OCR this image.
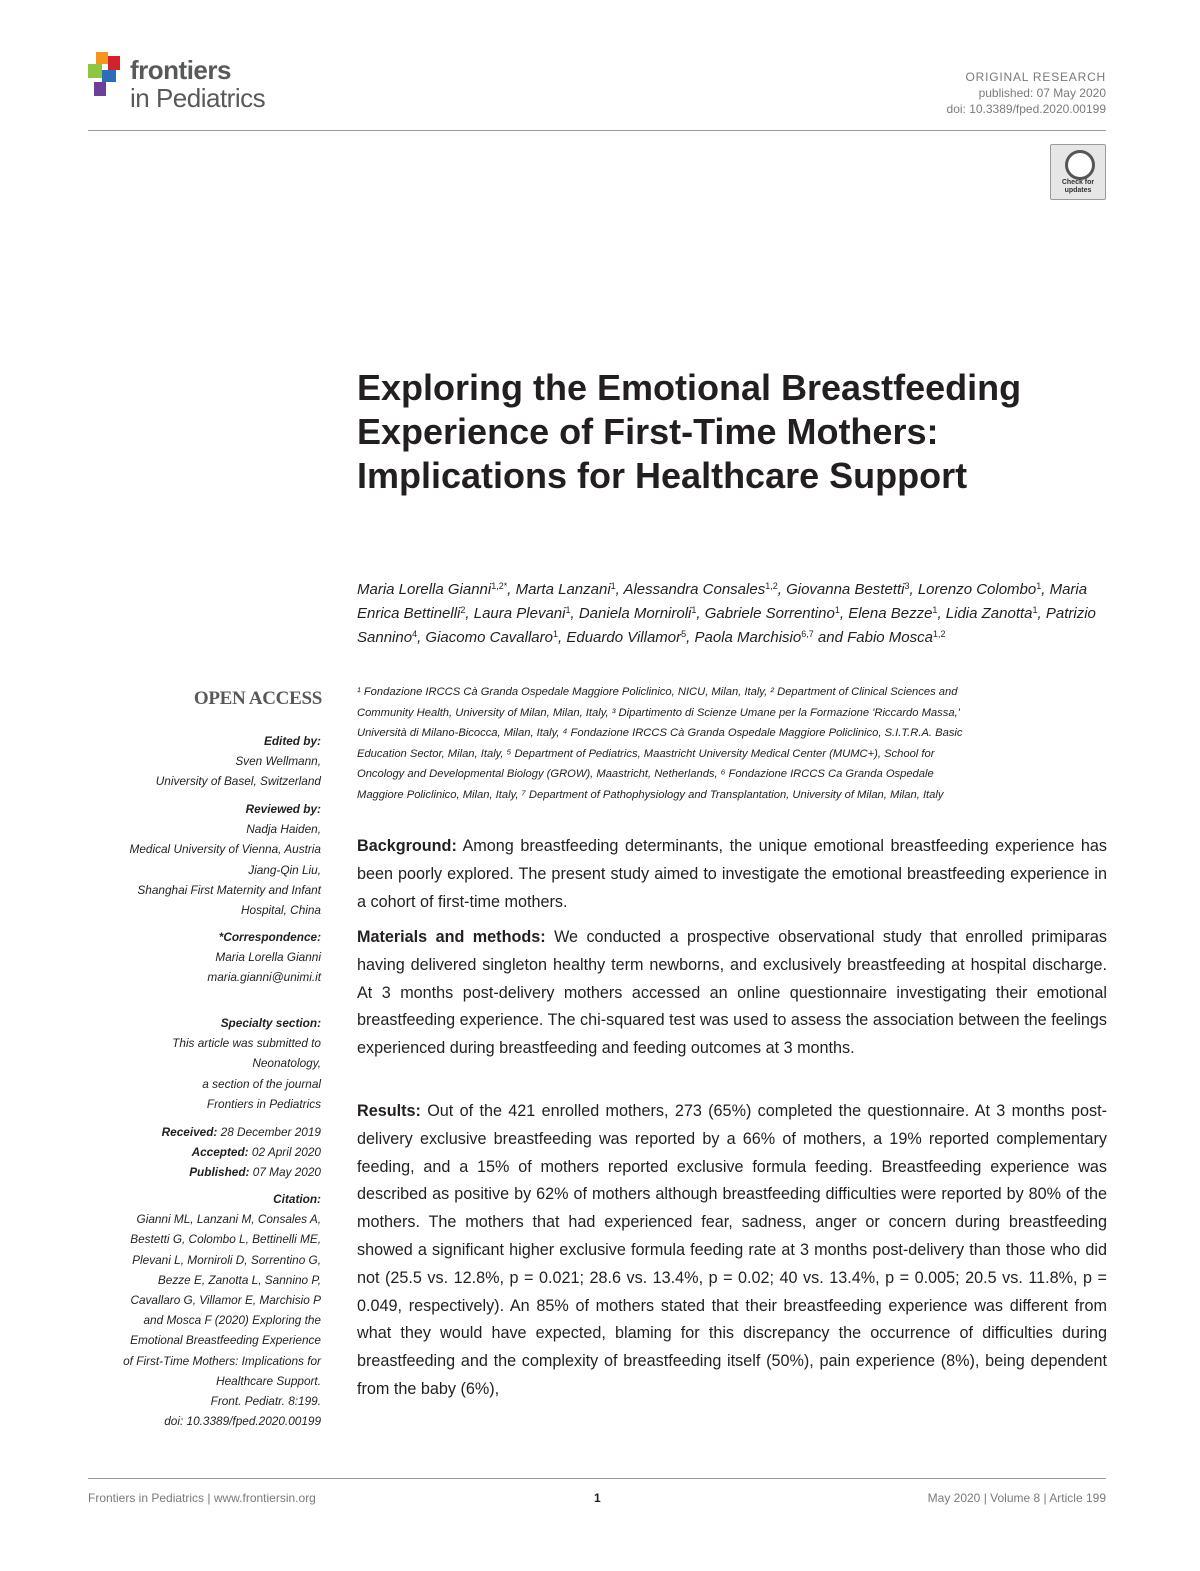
frontiers
in Pediatrics
ORIGINAL RESEARCH
published: 07 May 2020
doi: 10.3389/fped.2020.00199
Check for updates
Exploring the Emotional Breastfeeding Experience of First-Time Mothers: Implications for Healthcare Support
Maria Lorella Gianni$^{1,2*}$, Marta Lanzani$^1$, Alessandra Consales$^{1,2}$, Giovanna Bestetti$^3$, Lorenzo Colombo$^1$, Maria Enrica Bettinelli$^2$, Laura Plevani$^1$, Daniela Morniroli$^1$, Gabriele Sorrentino$^1$, Elena Bezze$^1$, Lidia Zanotta$^1$, Patrizio Sannino$^4$, Giacomo Cavallaro$^1$, Eduardo Villamor$^5$, Paola Marchisio$^{6,7}$ and Fabio Mosca$^{1,2}$
¹ Fondazione IRCCS Cà Granda Ospedale Maggiore Policlinico, NICU, Milan, Italy, ² Department of Clinical Sciences and
Community Health, University of Milan, Milan, Italy, ³ Dipartimento di Scienze Umane per la Formazione 'Riccardo Massa,'
Università di Milano-Bicocca, Milan, Italy, ⁴ Fondazione IRCCS Cà Granda Ospedale Maggiore Policlinico, S.I.T.R.A. Basic
Education Sector, Milan, Italy, ⁵ Department of Pediatrics, Maastricht University Medical Center (MUMC+), School for
Oncology and Developmental Biology (GROW), Maastricht, Netherlands, ⁶ Fondazione IRCCS Ca Granda Ospedale
Maggiore Policlinico, Milan, Italy, ⁷ Department of Pathophysiology and Transplantation, University of Milan, Milan, Italy

Background: Among breastfeeding determinants, the unique emotional breastfeeding experience has been poorly explored. The present study aimed to investigate the emotional breastfeeding experience in a cohort of first-time mothers.

Materials and methods: We conducted a prospective observational study that enrolled primiparas having delivered singleton healthy term newborns, and exclusively breastfeeding at hospital discharge. At 3 months post-delivery mothers accessed an online questionnaire investigating their emotional breastfeeding experience. The chi-squared test was used to assess the association between the feelings experienced during breastfeeding and feeding outcomes at 3 months.

Results: Out of the 421 enrolled mothers, 273 (65%) completed the questionnaire. At 3 months post-delivery exclusive breastfeeding was reported by a 66% of mothers, a 19% reported complementary feeding, and a 15% of mothers reported exclusive formula feeding. Breastfeeding experience was described as positive by 62% of mothers although breastfeeding difficulties were reported by 80% of the mothers. The mothers that had experienced fear, sadness, anger or concern during breastfeeding showed a significant higher exclusive formula feeding rate at 3 months post-delivery than those who did not (25.5 vs. 12.8%, p = 0.021; 28.6 vs. 13.4%, p = 0.02; 40 vs. 13.4%, p = 0.005; 20.5 vs. 11.8%, p = 0.049, respectively). An 85% of mothers stated that their breastfeeding experience was different from what they would have expected, blaming for this discrepancy the occurrence of difficulties during breastfeeding and the complexity of breastfeeding itself (50%), pain experience (8%), being dependent from the baby (6%),

OPEN ACCESS
Edited by:
Sven Wellmann,
University of Basel, Switzerland
Reviewed by:
Nadja Haiden,
Medical University of Vienna, Austria
Jiang-Qin Liu,
Shanghai First Maternity and Infant
Hospital, China
*Correspondence:
Maria Lorella Gianni
maria.gianni@unimi.it
Specialty section:
This article was submitted to
Neonatology,
a section of the journal
Frontiers in Pediatrics
Received: 28 December 2019
Accepted: 02 April 2020
Published: 07 May 2020
Citation:
Gianni ML, Lanzani M, Consales A,
Bestetti G, Colombo L, Bettinelli ME,
Plevani L, Morniroli D, Sorrentino G,
Bezze E, Zanotta L, Sannino P,
Cavallaro G, Villamor E, Marchisio P
and Mosca F (2020) Exploring the
Emotional Breastfeeding Experience
of First-Time Mothers: Implications for
Healthcare Support.
Front. Pediatr. 8:199.
doi: 10.3389/fped.2020.00199
Frontiers in Pediatrics | www.frontiersin.org	1	May 2020 | Volume 8 | Article 199
